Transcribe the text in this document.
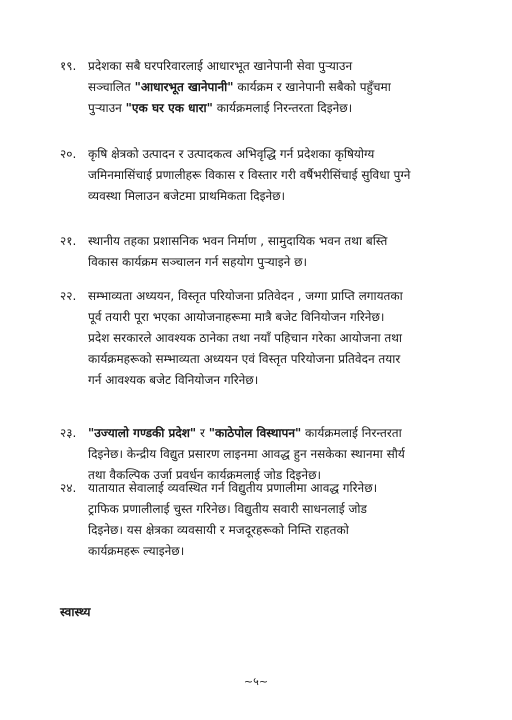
१९. प्रदेशका सबै घरपरिवारलाई आधारभूत खानेपानी सेवा पुर्‍याउन
सञ्चालित "आधारभूत खानेपानी" कार्यक्रम र खानेपानी सबैको पहुँचमा
पुर्‍याउन "एक घर एक धारा" कार्यक्रमलाई निरन्तरता दिइनेछ।
२०. कृषि क्षेत्रको उत्पादन र उत्पादकत्व अभिवृद्धि गर्न प्रदेशका कृषियोग्य
जमिनमासिंचाई प्रणालीहरू विकास र विस्तार गरी वर्षैभरीसिंचाई सुविधा पुग्ने
व्यवस्था मिलाउन बजेटमा प्राथमिकता दिइनेछ।
२१. स्थानीय तहका प्रशासनिक भवन निर्माण , सामुदायिक भवन तथा बस्ति
विकास कार्यक्रम सञ्चालन गर्न सहयोग पुर्‍याइने छ।
२२. सम्भाव्यता अध्ययन, विस्तृत परियोजना प्रतिवेदन , जग्गा प्राप्ति लगायतका
पूर्व तयारी पूरा भएका आयोजनाहरूमा मात्रै बजेट विनियोजन गरिनेछ।
प्रदेश सरकारले आवश्यक ठानेका तथा नयाँ पहिचान गरेका आयोजना तथा
कार्यक्रमहरूको सम्भाव्यता अध्ययन एवं विस्तृत परियोजना प्रतिवेदन तयार
गर्न आवश्यक बजेट विनियोजन गरिनेछ।
२३. "उज्यालो गण्डकी प्रदेश" र "काठेपोल विस्थापन" कार्यक्रमलाई निरन्तरता
दिइनेछ। केन्द्रीय विद्युत प्रसारण लाइनमा आवद्ध हुन नसकेका स्थानमा सौर्य
तथा वैकल्पिक उर्जा प्रवर्धन कार्यक्रमलाई जोड दिइनेछ।
२४. यातायात सेवालाई व्यवस्थित गर्न विद्युतीय प्रणालीमा आवद्ध गरिनेछ।
ट्राफिक प्रणालीलाई चुस्त गरिनेछ। विद्युतीय सवारी साधनलाई जोड
दिइनेछ। यस क्षेत्रका व्यवसायी र मजदूरहरूको निम्ति राहतको
कार्यक्रमहरू ल्याइनेछ।
स्वास्थ्य
~५~
